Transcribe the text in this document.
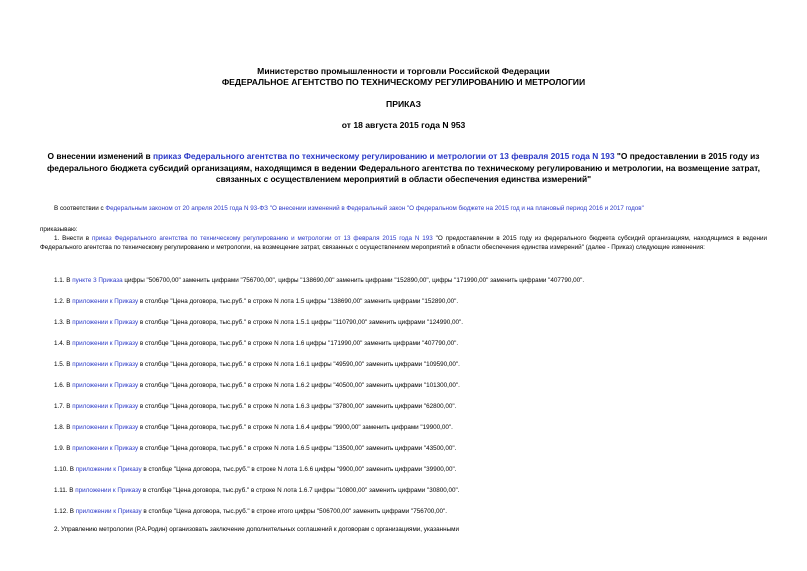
Министерство промышленности и торговли Российской Федерации
ФЕДЕРАЛЬНОЕ АГЕНТСТВО ПО ТЕХНИЧЕСКОМУ РЕГУЛИРОВАНИЮ И МЕТРОЛОГИИ
ПРИКАЗ
от 18 августа 2015 года N 953
О внесении изменений в приказ Федерального агентства по техническому регулированию и метрологии от 13 февраля 2015 года N 193 "О предоставлении в 2015 году из федерального бюджета субсидий организациям, находящимся в ведении Федерального агентства по техническому регулированию и метрологии, на возмещение затрат, связанных с осуществлением мероприятий в области обеспечения единства измерений"
В соответствии с Федеральным законом от 20 апреля 2015 года N 93-ФЗ "О внесении изменений в Федеральный закон "О федеральном бюджете на 2015 год и на плановый период 2016 и 2017 годов"
приказываю:
1. Внести в приказ Федерального агентства по техническому регулированию и метрологии от 13 февраля 2015 года N 193 "О предоставлении в 2015 году из федерального бюджета субсидий организациям, находящимся в ведении Федерального агентства по техническому регулированию и метрологии, на возмещение затрат, связанных с осуществлением мероприятий в области обеспечения единства измерений" (далее - Приказ) следующие изменения:
1.1. В пункте 3 Приказа цифры "506700,00" заменить цифрами "756700,00", цифры "138690,00" заменить цифрами "152890,00", цифры "171990,00" заменить цифрами "407790,00".
1.2. В приложении к Приказу в столбце "Цена договора, тыс.руб." в строке N лота 1.5 цифры "138690,00" заменить цифрами "152890,00".
1.3. В приложении к Приказу в столбце "Цена договора, тыс.руб." в строке N лота 1.5.1 цифры "110790,00" заменить цифрами "124990,00".
1.4. В приложении к Приказу в столбце "Цена договора, тыс.руб." в строке N лота 1.6 цифры "171990,00" заменить цифрами "407790,00".
1.5. В приложении к Приказу в столбце "Цена договора, тыс.руб." в строке N лота 1.6.1 цифры "49590,00" заменить цифрами "109590,00".
1.6. В приложении к Приказу в столбце "Цена договора, тыс.руб." в строке N лота 1.6.2 цифры "40500,00" заменить цифрами "101300,00".
1.7. В приложении к Приказу в столбце "Цена договора, тыс.руб." в строке N лота 1.6.3 цифры "37800,00" заменить цифрами "62800,00".
1.8. В приложении к Приказу в столбце "Цена договора, тыс.руб." в строке N лота 1.6.4 цифры "9900,00" заменить цифрами "19900,00".
1.9. В приложении к Приказу в столбце "Цена договора, тыс.руб." в строке N лота 1.6.5 цифры "13500,00" заменить цифрами "43500,00".
1.10. В приложении к Приказу в столбце "Цена договора, тыс.руб." в строке N лота 1.6.6 цифры "9900,00" заменить цифрами "39900,00".
1.11. В приложении к Приказу в столбце "Цена договора, тыс.руб." в строке N лота 1.6.7 цифры "10800,00" заменить цифрами "30800,00".
1.12. В приложении к Приказу в столбце "Цена договора, тыс.руб." в строке итого цифры "506700,00" заменить цифрами "756700,00".
2. Управлению метрологии (Р.А.Родин) организовать заключение дополнительных соглашений к договорам с организациями, указанными
